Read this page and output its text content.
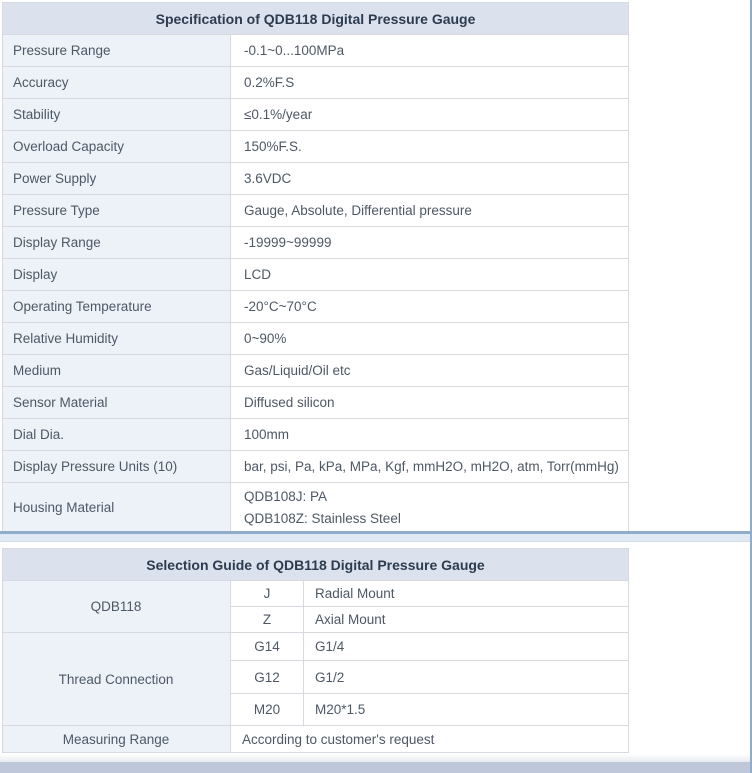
Specification of QDB118 Digital Pressure Gauge	
Pressure Range	-0.1~0...100MPa
Accuracy	0.2%F.S
Stability	≤0.1%/year
Overload Capacity	150%F.S.
Power Supply	3.6VDC
Pressure Type	Gauge, Absolute, Differential pressure
Display Range	-19999~99999
Display	LCD
Operating Temperature	-20°C~70°C
Relative Humidity	0~90%
Medium	Gas/Liquid/Oil etc
Sensor Material	Diffused silicon
Dial Dia.	100mm
Display Pressure Units (10)	bar, psi, Pa, kPa, MPa, Kgf, mmH2O, mH2O, atm, Torr(mmHg)
Housing Material	QDB108J: PA
QDB108Z: Stainless Steel
Selection Guide of QDB118 Digital Pressure Gauge		
QDB118	J	Radial Mount
	Z	Axial Mount
Thread Connection	G14	G1/4
	G12	G1/2
	M20	M20*1.5
Measuring Range	According to customer's request	
